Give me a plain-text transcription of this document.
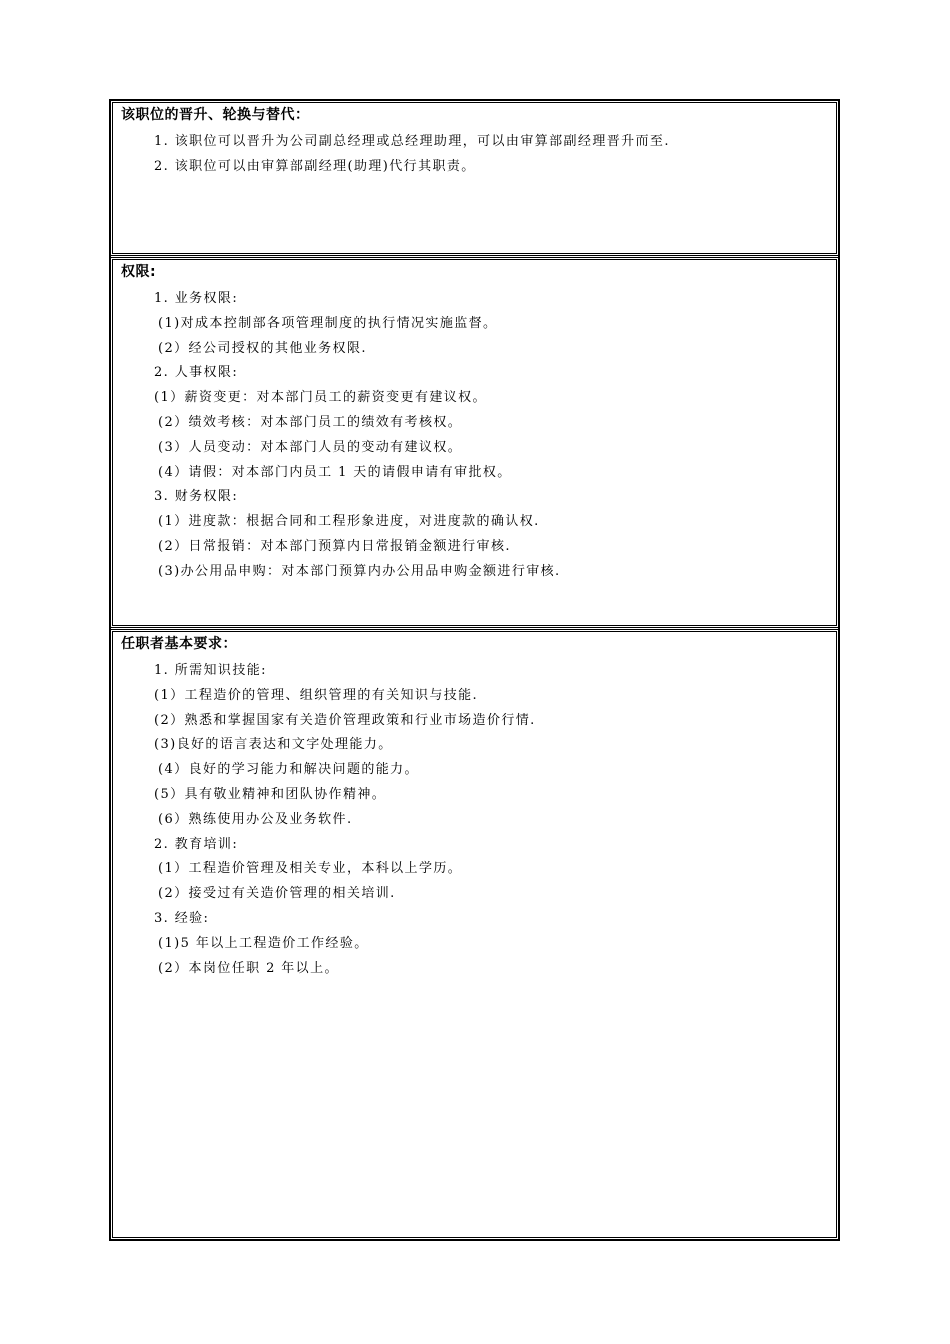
该职位的晋升、轮换与替代：
1. 该职位可以晋升为公司副总经理或总经理助理，可以由审算部副经理晋升而至.
2. 该职位可以由审算部副经理(助理)代行其职责。
权限:
1. 业务权限:
(1)对成本控制部各项管理制度的执行情况实施监督。
(2）经公司授权的其他业务权限.
2. 人事权限:
(1）薪资变更：对本部门员工的薪资变更有建议权。
(2）绩效考核：对本部门员工的绩效有考核权。
(3）人员变动：对本部门人员的变动有建议权。
(4）请假：对本部门内员工 1 天的请假申请有审批权。
3. 财务权限:
(1）进度款：根据合同和工程形象进度，对进度款的确认权.
(2）日常报销：对本部门预算内日常报销金额进行审核.
(3)办公用品申购：对本部门预算内办公用品申购金额进行审核.
任职者基本要求：
1. 所需知识技能:
(1）工程造价的管理、组织管理的有关知识与技能.
(2）熟悉和掌握国家有关造价管理政策和行业市场造价行情.
(3)良好的语言表达和文字处理能力。
(4）良好的学习能力和解决问题的能力。
(5）具有敬业精神和团队协作精神。
(6）熟练使用办公及业务软件.
2. 教育培训:
(1）工程造价管理及相关专业，本科以上学历。
(2）接受过有关造价管理的相关培训.
3. 经验:
(1)5 年以上工程造价工作经验。
(2）本岗位任职 2 年以上。
